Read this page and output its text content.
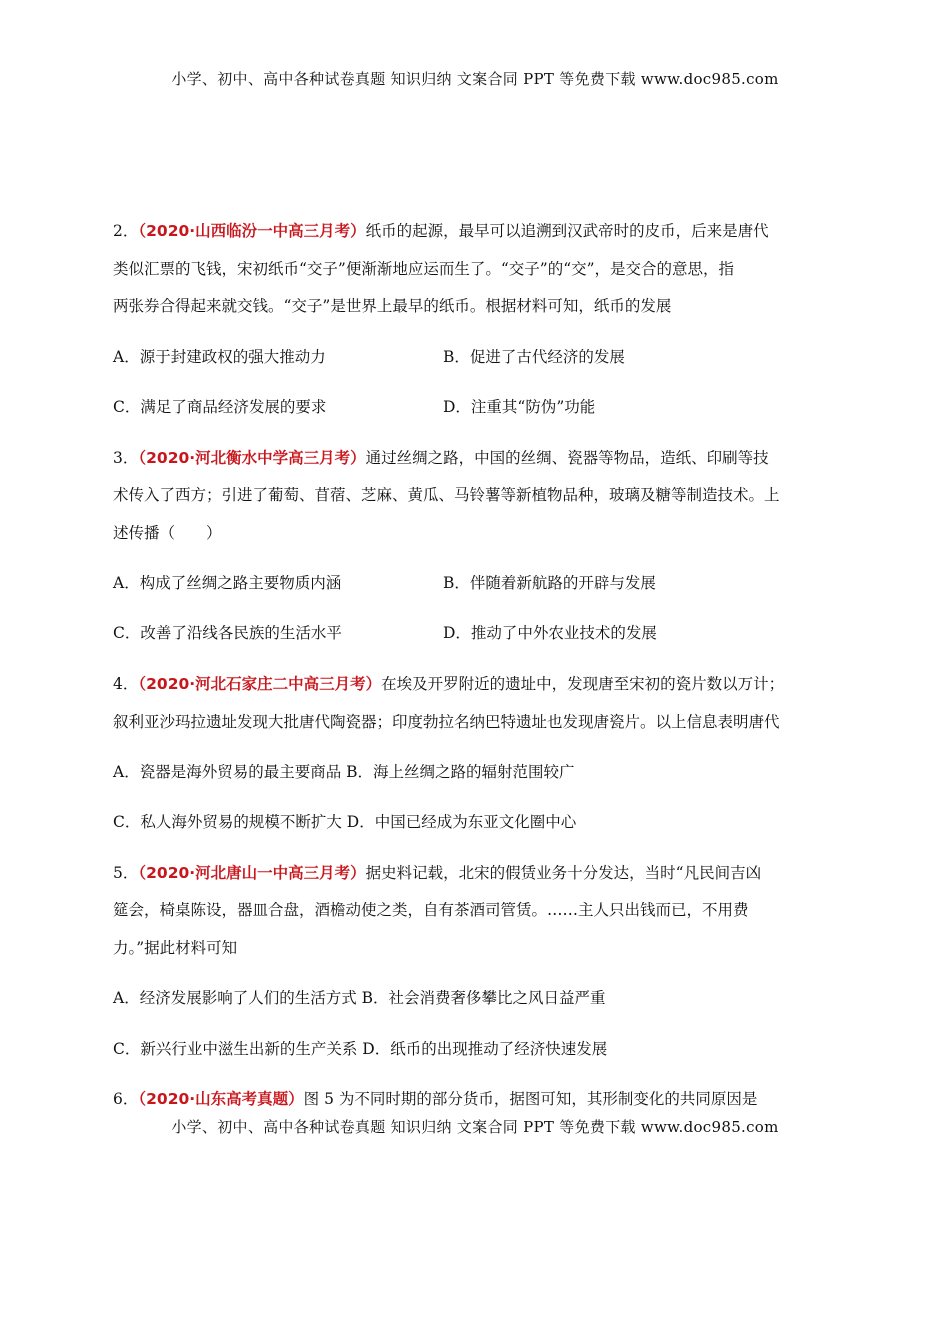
小学、初中、高中各种试卷真题 知识归纳 文案合同 PPT 等免费下载 www.doc985.com
2．（2020·山西临汾一中高三月考）纸币的起源，最早可以追溯到汉武帝时的皮币，后来是唐代
类似汇票的飞钱，宋初纸币“交子”便渐渐地应运而生了。“交子”的“交”，是交合的意思，指
两张券合得起来就交钱。“交子”是世界上最早的纸币。根据材料可知，纸币的发展
A．源于封建政权的强大推动力	B．促进了古代经济的发展
C．满足了商品经济发展的要求	D．注重其“防伪”功能
3．（2020·河北衡水中学高三月考）通过丝绸之路，中国的丝绸、瓷器等物品，造纸、印刷等技
术传入了西方；引进了葡萄、苜蓿、芝麻、黄瓜、马铃薯等新植物品种，玻璃及糖等制造技术。上
述传播（　　）
A．构成了丝绸之路主要物质内涵	B．伴随着新航路的开辟与发展
C．改善了沿线各民族的生活水平	D．推动了中外农业技术的发展
4．（2020·河北石家庄二中高三月考）在埃及开罗附近的遗址中，发现唐至宋初的瓷片数以万计；
叙利亚沙玛拉遗址发现大批唐代陶瓷器；印度勃拉名纳巴特遗址也发现唐瓷片。以上信息表明唐代
A．瓷器是海外贸易的最主要商品 B．海上丝绸之路的辐射范围较广
C．私人海外贸易的规模不断扩大 D．中国已经成为东亚文化圈中心
5．（2020·河北唐山一中高三月考）据史料记载，北宋的假赁业务十分发达，当时“凡民间吉凶
筵会，椅桌陈设，器皿合盘，酒檐动使之类，自有茶酒司管赁。……主人只出钱而已，不用费
力。”据此材料可知
A．经济发展影响了人们的生活方式 B．社会消费奢侈攀比之风日益严重
C．新兴行业中滋生出新的生产关系 D．纸币的出现推动了经济快速发展
6．（2020·山东高考真题）图 5 为不同时期的部分货币，据图可知，其形制变化的共同原因是
小学、初中、高中各种试卷真题 知识归纳 文案合同 PPT 等免费下载 www.doc985.com
